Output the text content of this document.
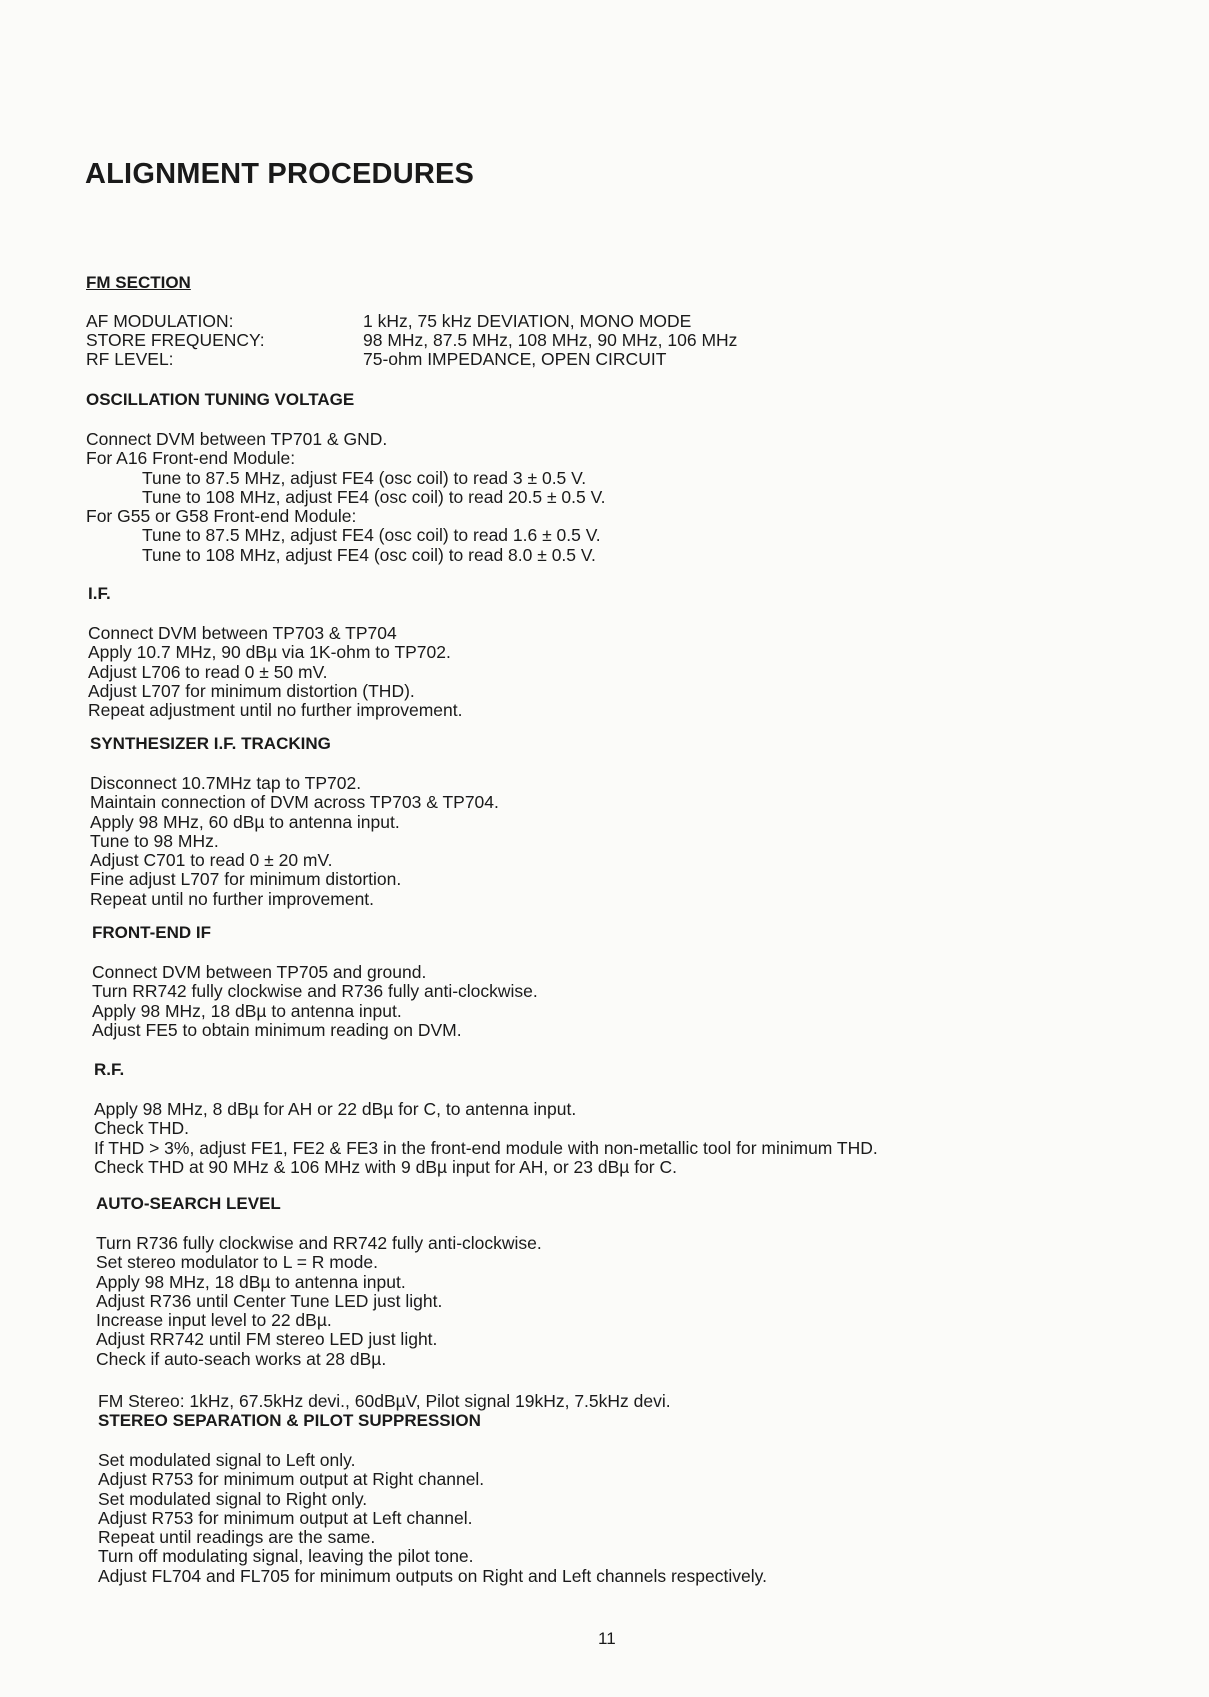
ALIGNMENT PROCEDURES
FM SECTION
AF MODULATION:	1 kHz, 75 kHz DEVIATION, MONO MODE
STORE FREQUENCY:	98 MHz, 87.5 MHz, 108 MHz, 90 MHz, 106 MHz
RF LEVEL:	75-ohm IMPEDANCE, OPEN CIRCUIT
OSCILLATION TUNING VOLTAGE
Connect DVM between TP701 & GND.
For A16 Front-end Module:
Tune to 87.5 MHz, adjust FE4 (osc coil) to read 3 ± 0.5 V.
Tune to 108 MHz, adjust FE4 (osc coil) to read 20.5 ± 0.5 V.
For G55 or G58 Front-end Module:
Tune to 87.5 MHz, adjust FE4 (osc coil) to read 1.6 ± 0.5 V.
Tune to 108 MHz, adjust FE4 (osc coil) to read 8.0 ± 0.5 V.
I.F.
Connect DVM between TP703 & TP704
Apply 10.7 MHz, 90 dBµ via 1K-ohm to TP702.
Adjust L706 to read 0 ± 50 mV.
Adjust L707 for minimum distortion (THD).
Repeat adjustment until no further improvement.
SYNTHESIZER I.F. TRACKING
Disconnect 10.7MHz tap to TP702.
Maintain connection of DVM across TP703 & TP704.
Apply 98 MHz, 60 dBµ to antenna input.
Tune to 98 MHz.
Adjust C701 to read 0 ± 20 mV.
Fine adjust L707 for minimum distortion.
Repeat until no further improvement.
FRONT-END IF
Connect DVM between TP705 and ground.
Turn RR742 fully clockwise and R736 fully anti-clockwise.
Apply 98 MHz, 18 dBµ to antenna input.
Adjust FE5 to obtain minimum reading on DVM.
R.F.
Apply 98 MHz, 8 dBµ for AH or 22 dBµ for C, to antenna input.
Check THD.
If THD > 3%, adjust FE1, FE2 & FE3 in the front-end module with non-metallic tool for minimum THD.
Check THD at 90 MHz & 106 MHz with 9 dBµ input for AH, or 23 dBµ for C.
AUTO-SEARCH LEVEL
Turn R736 fully clockwise and RR742 fully anti-clockwise.
Set stereo modulator to L = R mode.
Apply 98 MHz, 18 dBµ to antenna input.
Adjust R736 until Center Tune LED just light.
Increase input level to 22 dBµ.
Adjust RR742 until FM stereo LED just light.
Check if auto-seach works at 28 dBµ.
FM Stereo: 1kHz, 67.5kHz devi., 60dBµV, Pilot signal 19kHz, 7.5kHz devi.
STEREO SEPARATION & PILOT SUPPRESSION
Set modulated signal to Left only.
Adjust R753 for minimum output at Right channel.
Set modulated signal to Right only.
Adjust R753 for minimum output at Left channel.
Repeat until readings are the same.
Turn off modulating signal, leaving the pilot tone.
Adjust FL704 and FL705 for minimum outputs on Right and Left channels respectively.
11
